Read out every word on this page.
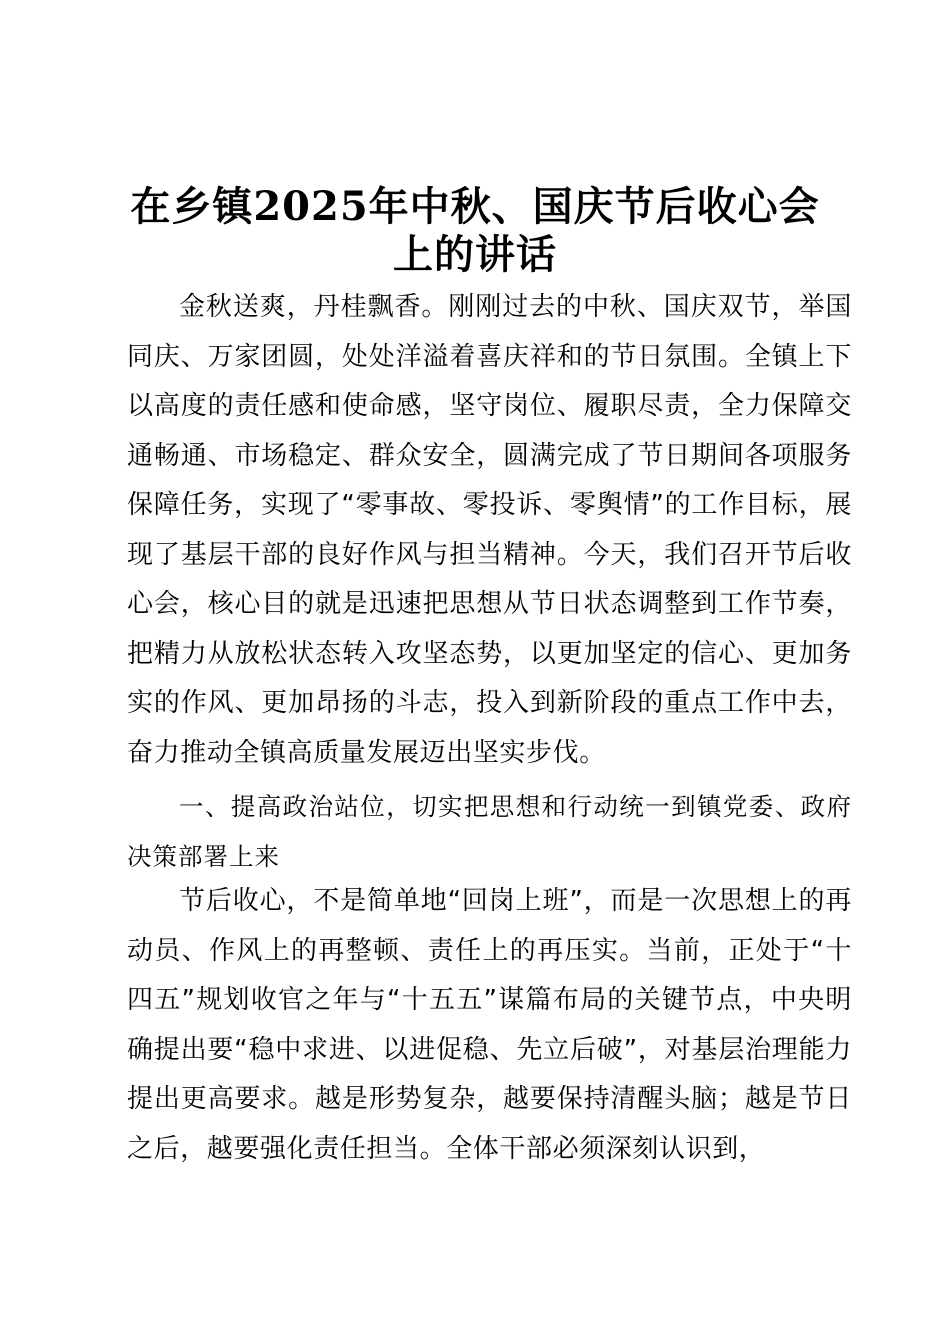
在乡镇2025年中秋、国庆节后收心会
上的讲话

金秋送爽，丹桂飘香。刚刚过去的中秋、国庆双节，举国同庆、万家团圆，处处洋溢着喜庆祥和的节日氛围。全镇上下以高度的责任感和使命感，坚守岗位、履职尽责，全力保障交通畅通、市场稳定、群众安全，圆满完成了节日期间各项服务保障任务，实现了“零事故、零投诉、零舆情”的工作目标，展现了基层干部的良好作风与担当精神。今天，我们召开节后收心会，核心目的就是迅速把思想从节日状态调整到工作节奏，把精力从放松状态转入攻坚态势，以更加坚定的信心、更加务实的作风、更加昂扬的斗志，投入到新阶段的重点工作中去，奋力推动全镇高质量发展迈出坚实步伐。

一、提高政治站位，切实把思想和行动统一到镇党委、政府决策部署上来

节后收心，不是简单地“回岗上班”，而是一次思想上的再动员、作风上的再整顿、责任上的再压实。当前，正处于“十四五”规划收官之年与“十五五”谋篇布局的关键节点，中央明确提出要“稳中求进、以进促稳、先立后破”，对基层治理能力提出更高要求。越是形势复杂，越要保持清醒头脑；越是节日之后，越要强化责任担当。全体干部必须深刻认识到，
